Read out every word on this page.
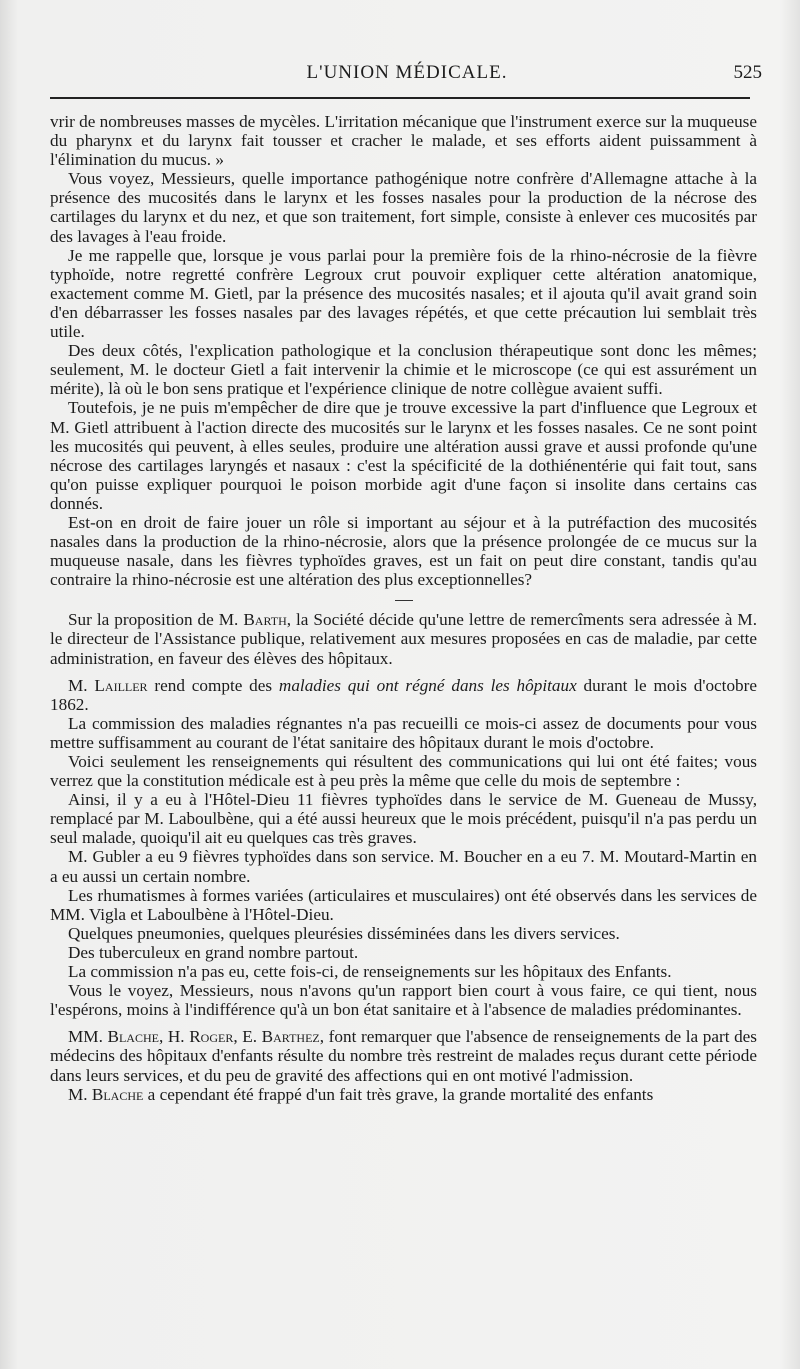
L'UNION MÉDICALE.	525

vrir de nombreuses masses de mycèles. L'irritation mécanique que l'instrument exerce sur la muqueuse du pharynx et du larynx fait tousser et cracher le malade, et ses efforts aident puissamment à l'élimination du mucus. »

Vous voyez, Messieurs, quelle importance pathogénique notre confrère d'Allemagne attache à la présence des mucosités dans le larynx et les fosses nasales pour la production de la nécrose des cartilages du larynx et du nez, et que son traitement, fort simple, consiste à enlever ces mucosités par des lavages à l'eau froide.

Je me rappelle que, lorsque je vous parlai pour la première fois de la rhino-nécrosie de la fièvre typhoïde, notre regretté confrère Legroux crut pouvoir expliquer cette altération anatomique, exactement comme M. Gietl, par la présence des mucosités nasales; et il ajouta qu'il avait grand soin d'en débarrasser les fosses nasales par des lavages répétés, et que cette précaution lui semblait très utile.

Des deux côtés, l'explication pathologique et la conclusion thérapeutique sont donc les mêmes; seulement, M. le docteur Gietl a fait intervenir la chimie et le microscope (ce qui est assurément un mérite), là où le bon sens pratique et l'expérience clinique de notre collègue avaient suffi.

Toutefois, je ne puis m'empêcher de dire que je trouve excessive la part d'influence que Legroux et M. Gietl attribuent à l'action directe des mucosités sur le larynx et les fosses nasales. Ce ne sont point les mucosités qui peuvent, à elles seules, produire une altération aussi grave et aussi profonde qu'une nécrose des cartilages laryngés et nasaux : c'est la spécificité de la dothiénentérie qui fait tout, sans qu'on puisse expliquer pourquoi le poison morbide agit d'une façon si insolite dans certains cas donnés.

Est-on en droit de faire jouer un rôle si important au séjour et à la putréfaction des mucosités nasales dans la production de la rhino-nécrosie, alors que la présence prolongée de ce mucus sur la muqueuse nasale, dans les fièvres typhoïdes graves, est un fait on peut dire constant, tandis qu'au contraire la rhino-nécrosie est une altération des plus exceptionnelles?

Sur la proposition de M. Barth, la Société décide qu'une lettre de remercîments sera adressée à M. le directeur de l'Assistance publique, relativement aux mesures proposées en cas de maladie, par cette administration, en faveur des élèves des hôpitaux.

M. Lailler rend compte des maladies qui ont régné dans les hôpitaux durant le mois d'octobre 1862.

La commission des maladies régnantes n'a pas recueilli ce mois-ci assez de documents pour vous mettre suffisamment au courant de l'état sanitaire des hôpitaux durant le mois d'octobre.

Voici seulement les renseignements qui résultent des communications qui lui ont été faites; vous verrez que la constitution médicale est à peu près la même que celle du mois de septembre :

Ainsi, il y a eu à l'Hôtel-Dieu 11 fièvres typhoïdes dans le service de M. Gueneau de Mussy, remplacé par M. Laboulbène, qui a été aussi heureux que le mois précédent, puisqu'il n'a pas perdu un seul malade, quoiqu'il ait eu quelques cas très graves.

M. Gubler a eu 9 fièvres typhoïdes dans son service. M. Boucher en a eu 7. M. Moutard-Martin en a eu aussi un certain nombre.

Les rhumatismes à formes variées (articulaires et musculaires) ont été observés dans les services de MM. Vigla et Laboulbène à l'Hôtel-Dieu.

Quelques pneumonies, quelques pleurésies disséminées dans les divers services.

Des tuberculeux en grand nombre partout.

La commission n'a pas eu, cette fois-ci, de renseignements sur les hôpitaux des Enfants.

Vous le voyez, Messieurs, nous n'avons qu'un rapport bien court à vous faire, ce qui tient, nous l'espérons, moins à l'indifférence qu'à un bon état sanitaire et à l'absence de maladies prédominantes.

MM. Blache, H. Roger, E. Barthez, font remarquer que l'absence de renseignements de la part des médecins des hôpitaux d'enfants résulte du nombre très restreint de malades reçus durant cette période dans leurs services, et du peu de gravité des affections qui en ont motivé l'admission.

M. Blache a cependant été frappé d'un fait très grave, la grande mortalité des enfants
